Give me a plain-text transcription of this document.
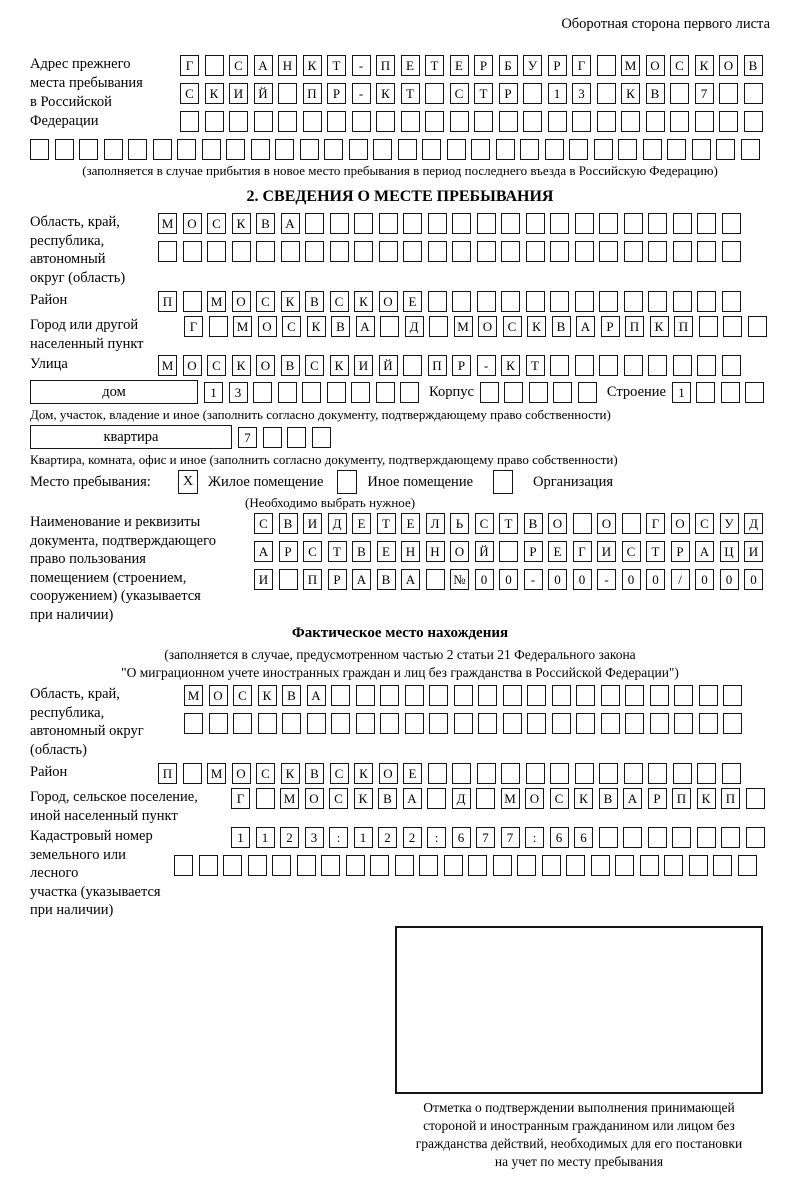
Оборотная сторона первого листа
Адрес прежнего
места пребывания
в Российской
Федерации
Г	С	А	Н	К	Т	-	П	Е	Т	Е	Р	Б	У	Р	Г	М	О	С	К	О	В
С	К	И	Й	П	Р	-	К	Т	С	Т	Р	1	3	К	В	7
(заполняется в случае прибытия в новое место пребывания в период последнего въезда в Российскую Федерацию)
2. СВЕДЕНИЯ О МЕСТЕ ПРЕБЫВАНИЯ
Область, край,
республика,
автономный
округ (область)
М	О	С	К	В	А
Район	П	М	О	С	К	В	С	К	О	Е
Город или другой
населенный пункт
Г	М	О	С	К	В	А	Д	М	О	С	К	В	А	Р	П	К	П
Улица	М	О	С	К	О	В	С	К	И	Й	П	Р	-	К	Т
дом	1	3	Корпус	Строение 1
Дом, участок, владение и иное (заполнить согласно документу, подтверждающему право собственности)
квартира	7
Квартира, комната, офис и иное (заполнить согласно документу, подтверждающему право собственности)
Место пребывания:	X	Жилое помещение	Иное помещение	Организация
(Необходимо выбрать нужное)
Наименование и реквизиты
документа, подтверждающего
право пользования
помещением (строением,
сооружением) (указывается
при наличии)
С	В	И	Д	Е	Т	Е	Л	Ь	С	Т	В	О	О	Г	О	С	У	Д
А	Р	С	Т	В	Е	Н	Н	О	Й	Р	Е	Г	И	С	Т	Р	А	Ц	И
И	П	Р	А	В	А	№	0	0	-	0	0	-	0	0	/	0	0	0
Фактическое место нахождения
(заполняется в случае, предусмотренном частью 2 статьи 21 Федерального закона
"О миграционном учете иностранных граждан и лиц без гражданства в Российской Федерации")
Область, край,
республика,
автономный округ
(область)
М	О	С	К	В	А
Район	П	М	О	С	К	В	С	К	О	Е
Город, сельское поселение,
иной населенный пункт
Г	М	О	С	К	В	А	Д	М	О	С	К	В	А	Р	П	К	П
Кадастровый номер
земельного или лесного
участка (указывается
при наличии)
1	1	2	3	:	1	2	2	:	6	7	7	:	6	6
Отметка о подтверждении выполнения принимающей
стороной и иностранным гражданином или лицом без
гражданства действий, необходимых для его постановки
на учет по месту пребывания
